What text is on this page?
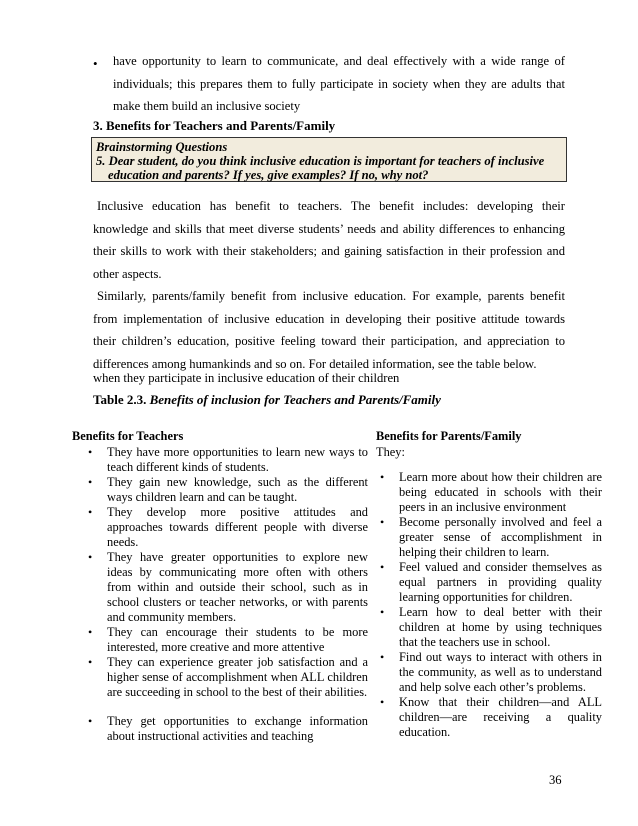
• have opportunity to learn to communicate, and deal effectively with a wide range of individuals; this prepares them to fully participate in society when they are adults that make them build an inclusive society
3. Benefits for Teachers and Parents/Family
Brainstorming Questions
5. Dear student, do you think inclusive education is important for teachers of inclusive
education and parents? If yes, give examples? If no, why not?
Inclusive education has benefit to teachers. The benefit includes: developing their knowledge and skills that meet diverse students’ needs and ability differences to enhancing their skills to work with their stakeholders; and gaining satisfaction in their profession and other aspects.
Similarly, parents/family benefit from inclusive education. For example, parents benefit from implementation of inclusive education in developing their positive attitude towards their children’s education, positive feeling toward their participation, and appreciation to differences among humankinds and so on. For detailed information, see the table below.
when they participate in inclusive education of their children
Table 2.3. Benefits of inclusion for Teachers and Parents/Family
Benefits for Teachers
• They have more opportunities to learn new ways to teach different kinds of students.
• They gain new knowledge, such as the different ways children learn and can be taught.
• They develop more positive attitudes and approaches towards different people with diverse needs.
• They have greater opportunities to explore new ideas by communicating more often with others from within and outside their school, such as in school clusters or teacher networks, or with parents and community members.
• They can encourage their students to be more interested, more creative and more attentive
• They can experience greater job satisfaction and a higher sense of accomplishment when ALL children are succeeding in school to the best of their abilities.
• They get opportunities to exchange information about instructional activities and teaching
Benefits for Parents/Family
They:
• Learn more about how their children are being educated in schools with their peers in an inclusive environment
• Become personally involved and feel a greater sense of accomplishment in helping their children to learn.
• Feel valued and consider themselves as equal partners in providing quality learning opportunities for children.
• Learn how to deal better with their children at home by using techniques that the teachers use in school.
• Find out ways to interact with others in the community, as well as to understand and help solve each other’s problems.
• Know that their children—and ALL children—are receiving a quality education.
36
